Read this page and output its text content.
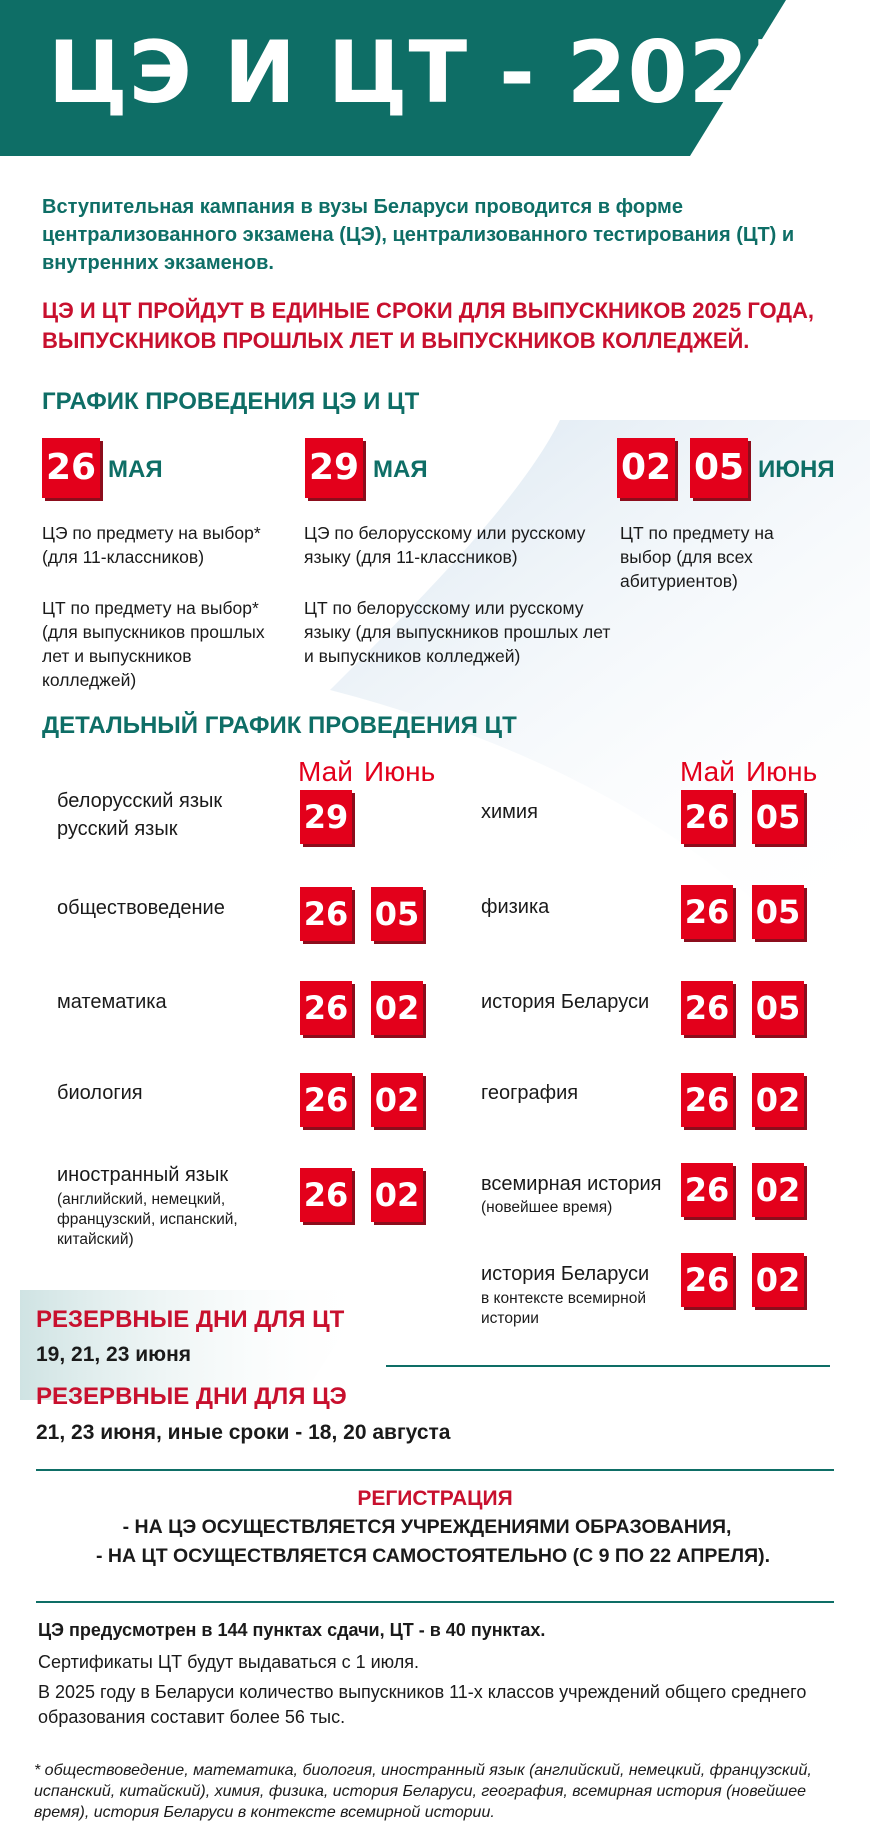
ЦЭ И ЦТ - 2025
Вступительная кампания в вузы Беларуси проводится в форме централизованного экзамена (ЦЭ), централизованного тестирования (ЦТ) и внутренних экзаменов.
ЦЭ И ЦТ ПРОЙДУТ В ЕДИНЫЕ СРОКИ ДЛЯ ВЫПУСКНИКОВ 2025 ГОДА, ВЫПУСКНИКОВ ПРОШЛЫХ ЛЕТ И ВЫПУСКНИКОВ КОЛЛЕДЖЕЙ.
ГРАФИК ПРОВЕДЕНИЯ ЦЭ И ЦТ
26 МАЯ
ЦЭ по предмету на выбор* (для 11-классников)
ЦТ по предмету на выбор* (для выпускников прошлых лет и выпускников колледжей)
29 МАЯ
ЦЭ по белорусскому или русскому языку (для 11-классников)
ЦТ по белорусскому или русскому языку (для выпускников прошлых лет и выпускников колледжей)
02 05 ИЮНЯ
ЦТ по предмету на выбор (для всех абитуриентов)
ДЕТАЛЬНЫЙ ГРАФИК ПРОВЕДЕНИЯ ЦТ
Май Июнь	Май Июнь
белорусский язык
русский язык	29
обществоведение 26 05
математика	26 02
биология	26 02
иностранный язык
(английский, немецкий, французский, испанский, китайский)
26 02
химия	26 05
физика	26 05
история Беларуси 26 05
география	26 02
всемирная история
(новейшее время) 26 02
история Беларуси
в контексте всемирной истории
26 02
РЕЗЕРВНЫЕ ДНИ ДЛЯ ЦТ
19, 21, 23 июня
РЕЗЕРВНЫЕ ДНИ ДЛЯ ЦЭ
21, 23 июня, иные сроки - 18, 20 августа
РЕГИСТРАЦИЯ
- НА ЦЭ ОСУЩЕСТВЛЯЕТСЯ УЧРЕЖДЕНИЯМИ ОБРАЗОВАНИЯ,
- НА ЦТ ОСУЩЕСТВЛЯЕТСЯ САМОСТОЯТЕЛЬНО (С 9 ПО 22 АПРЕЛЯ).
ЦЭ предусмотрен в 144 пунктах сдачи, ЦТ - в 40 пунктах.
Сертификаты ЦТ будут выдаваться с 1 июля.
В 2025 году в Беларуси количество выпускников 11-х классов учреждений общего среднего образования составит более 56 тыс.
* обществоведение, математика, биология, иностранный язык (английский, немецкий, французский, испанский, китайский), химия, физика, история Беларуси, география, всемирная история (новейшее время), история Беларуси в контексте всемирной истории.
